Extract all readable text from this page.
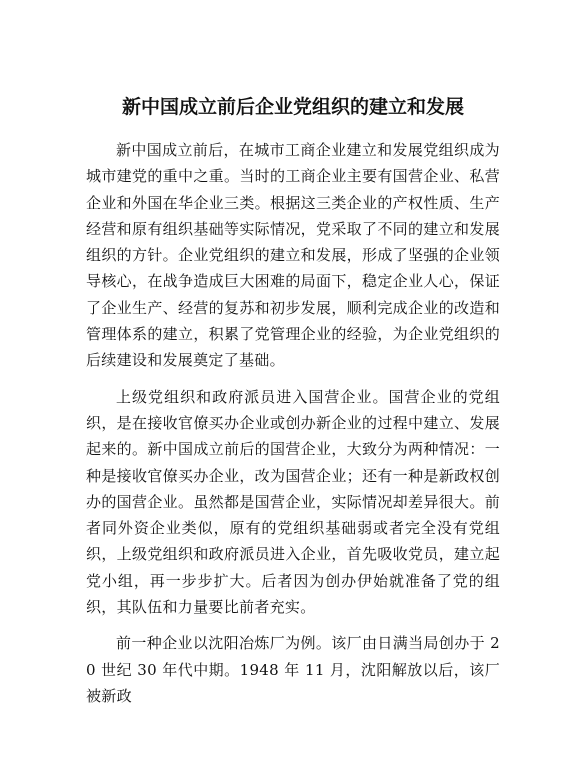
新中国成立前后企业党组织的建立和发展

新中国成立前后，在城市工商企业建立和发展党组织成为城市建党的重中之重。当时的工商企业主要有国营企业、私营企业和外国在华企业三类。根据这三类企业的产权性质、生产经营和原有组织基础等实际情况，党采取了不同的建立和发展组织的方针。企业党组织的建立和发展，形成了坚强的企业领导核心，在战争造成巨大困难的局面下，稳定企业人心，保证了企业生产、经营的复苏和初步发展，顺利完成企业的改造和管理体系的建立，积累了党管理企业的经验，为企业党组织的后续建设和发展奠定了基础。

上级党组织和政府派员进入国营企业。国营企业的党组织，是在接收官僚买办企业或创办新企业的过程中建立、发展起来的。新中国成立前后的国营企业，大致分为两种情况：一种是接收官僚买办企业，改为国营企业；还有一种是新政权创办的国营企业。虽然都是国营企业，实际情况却差异很大。前者同外资企业类似，原有的党组织基础弱或者完全没有党组织，上级党组织和政府派员进入企业，首先吸收党员，建立起党小组，再一步步扩大。后者因为创办伊始就准备了党的组织，其队伍和力量要比前者充实。

前一种企业以沈阳冶炼厂为例。该厂由日满当局创办于 20 世纪 30 年代中期。1948 年 11 月，沈阳解放以后，该厂被新政
